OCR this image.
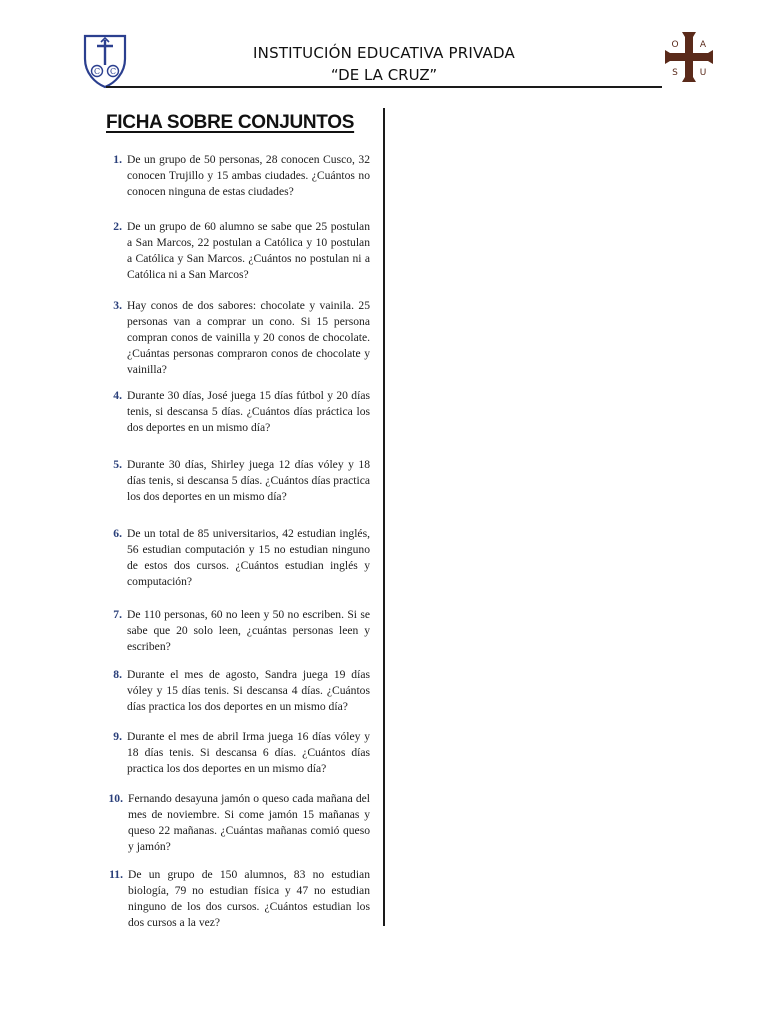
C C
INSTITUCIÓN EDUCATIVA PRIVADA
“DE LA CRUZ”
O A
S U
FICHA SOBRE CONJUNTOS
1. De un grupo de 50 personas, 28 conocen Cusco, 32 conocen Trujillo y 15 ambas ciudades. ¿Cuántos no conocen ninguna de estas ciudades?
2. De un grupo de 60 alumno se sabe que 25 postulan a San Marcos, 22 postulan a Católica y 10 postulan a Católica y San Marcos. ¿Cuántos no postulan ni a Católica ni a San Marcos?
3. Hay conos de dos sabores: chocolate y vainila. 25 personas van a comprar un cono. Si 15 persona compran conos de vainilla y 20 conos de chocolate. ¿Cuántas personas compraron conos de chocolate y vainilla?
4. Durante 30 días, José juega 15 días fútbol y 20 días tenis, si descansa 5 días. ¿Cuántos días práctica los dos deportes en un mismo día?
5. Durante 30 días, Shirley juega 12 días vóley y 18 días tenis, si descansa 5 días. ¿Cuántos días practica los dos deportes en un mismo día?
6. De un total de 85 universitarios, 42 estudian inglés, 56 estudian computación y 15 no estudian ninguno de estos dos cursos. ¿Cuántos estudian inglés y computación?
7. De 110 personas, 60 no leen y 50 no escriben. Si se sabe que 20 solo leen, ¿cuántas personas leen y escriben?
8. Durante el mes de agosto, Sandra juega 19 días vóley y 15 días tenis. Si descansa 4 días. ¿Cuántos días practica los dos deportes en un mismo día?
9. Durante el mes de abril Irma juega 16 días vóley y 18 días tenis. Si descansa 6 días. ¿Cuántos días practica los dos deportes en un mismo día?
10. Fernando desayuna jamón o queso cada mañana del mes de noviembre. Si come jamón 15 mañanas y queso 22 mañanas. ¿Cuántas mañanas comió queso y jamón?
11. De un grupo de 150 alumnos, 83 no estudian biología, 79 no estudian física y 47 no estudian ninguno de los dos cursos. ¿Cuántos estudian los dos cursos a la vez?
